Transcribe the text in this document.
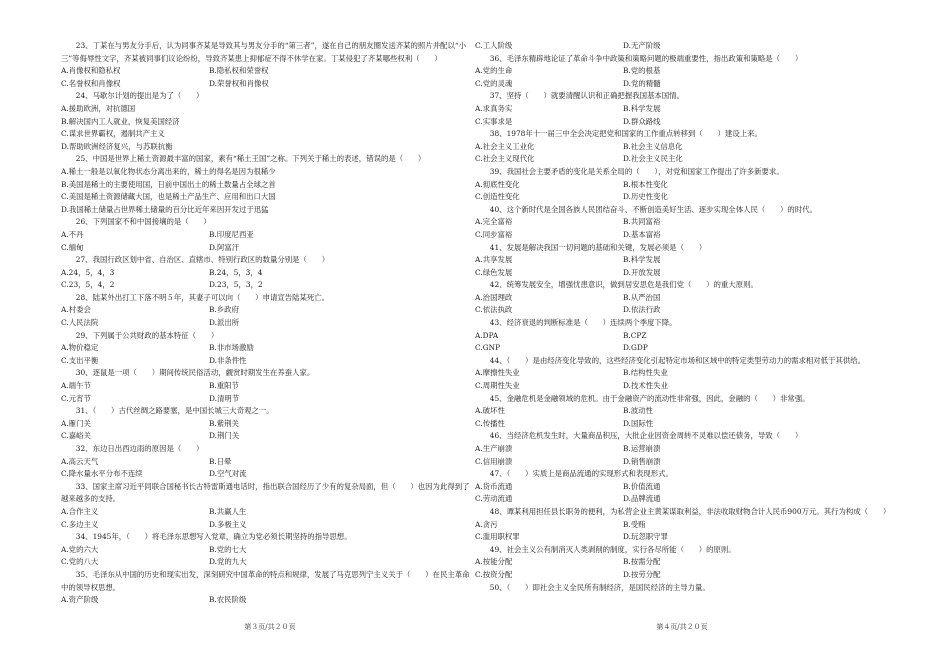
　　23、丁某在与男友分手后，认为同事齐某是导致其与男友分手的“第三者”，遂在自己的朋友圈发送齐某的照片并配以“小三”等侮辱性文字，齐某被同事们议论纷纷，导致齐某患上抑郁症不得不休学在家。丁某侵犯了齐某哪些权利（　　）
A.肖像权和隐私权	B.隐私权和荣誉权
C.名誉权和肖像权	D.荣誉权和肖像权
　　24、马歇尔计划的提出是为了（　　）
A.援助欧洲，对抗德国
B.解决国内工人就业，恢复美国经济
C.谋求世界霸权，遏制共产主义
D.帮助欧洲经济复兴，与苏联抗衡
　　25、中国是世界上稀土资源最丰富的国家，素有“稀土王国”之称。下列关于稀土的表述，错误的是（　　）
A.稀土一般是以氧化物状态分离出来的，稀土的得名是因为很稀少
B.美国是稀土的主要使用国，日前中国出土的稀土数量占全球之首
C.美国是稀土资源储藏大国，也是稀土产品生产、应用和出口大国
D.我国稀土储量占世界稀土储量的百分比近年来因开发过于迅猛
　　26、下列国家不和中国接壤的是（　　）
A.不丹	B.印度尼西亚
C.缅甸	D.阿富汗
　　27、我国行政区划中省、自治区、直辖市、特别行政区的数量分别是（　　）
A.24，5，4，3	B.24，5，3，4
C.23，5，4，2	D.23，5，3，2
　　28、陆某外出打工下落不明５年，其妻子可以向（　　）申请宣告陆某死亡。
A.村委会	B.乡政府
C.人民法院	D.派出所
　　29、下列属于公共财政的基本特征（　　）
A.物价稳定	B.非市场激励
C.支出平衡	D.非条件性
　　30、逐鼠是一项（　　）期间传统民俗活动，觑赏时期发生在养蚕人家。
A.端午节	B.重阳节
C.元宵节	D.清明节
　　31、（　　）古代丝绸之路要塞，是中国长城三大奇观之一。
A.雁门关	B.紫荆关
C.嘉峪关	D.荆门关
　　32、东边日出西边雨的原因是（　　）
A.高云天气	B.日晕
C.降水量水平分布不连续	D.空气对流
　　33、国家主席习近平同联合国秘书长古特雷斯通电话时，指出联合国经历了少有的复杂局面，但（　　）也因为此得到了越来越多的支持。
A.合作主义	B.共赢人生
C.多边主义	D.多极主义
　　34、1945年，（　　）将毛泽东思想写入党章，确立为党必须长期坚持的指导思想。
A.党的六大	B.党的七大
C.党的八大	D.党的九大
　　35、毛泽东从中国的历史和现实出发，深刻研究中国革命的特点和规律，发展了马克思列宁主义关于（　　）在民主革命中的领导权思想。
A.资产阶级	B.农民阶级
C.工人阶级	D.无产阶级
　　36、毛泽东精辟地论证了革命斗争中政策和策略问题的极端重要性，指出政策和策略是（　　）
A.党的生命	B.党的根基
C.党的灵魂	D.党的精髓
　　37、坚持（　　）就要清醒认识和正确把握我国基本国情。
A.求真务实	B.科学发展
C.实事求是	D.群众路线
　　38、1978年十一届三中全会决定把党和国家的工作重点转移到（　　）建设上来。
A.社会主义工业化	B.社会主义信息化
C.社会主义现代化	D.社会主义民主化
　　39、我国社会主要矛盾的变化是关系全局的（　　），对党和国家工作提出了许多新要求。
A.彻底性变化	B.根本性变化
C.创造性变化	D.历史性变化
　　40、这个新时代是全国各族人民团结奋斗、不断创造美好生活、逐步实现全体人民（　　）的时代。
A.完全富裕	B.共同富裕
C.同步富裕	D.基本富裕
　　41、发展是解决我国一切问题的基础和关键，发展必须是（　　）
A.共享发展	B.科学发展
C.绿色发展	D.开放发展
　　42、统筹发展安全，增强忧患意识，做到居安思危是我们党（　　）的重大原则。
A.治国理政	B.从严治国
C.依法执政	D.依法行政
　　43、经济衰退的判断标准是（　　）连续两个季度下降。
A.DPA	B.CPZ
C.GNP	D.GDP
　　44、（　　）是由经济变化导致的，这些经济变化引起特定市场和区域中的特定类型劳动力的需求相对低于其供给。
A.摩擦性失业	B.结构性失业
C.周期性失业	D.技术性失业
　　45、金融危机是金融领域的危机。由于金融资产的流动性非常强，因此，金融的（　　）非常强。
A.破坏性	B.波动性
C.传播性	D.国际性
　　46、当经济危机发生时，大量商品积压，大批企业因资金周转不灵难以偿还债务，导致（　　）
A.生产崩溃	B.运营崩溃
C.信用崩溃	D.销售崩溃
　　47、（　　）实质上是商品流通的实现形式和表现形式。
A.货币流通	B.价值流通
C.劳动流通	D.品牌流通
　　48、谭某利用担任县长职务的便利，为私营企业主黄某谋取利益，非法收取财物合计人民币900万元。其行为构成（　　）
A.贪污	B.受贿
C.滥用职权罪	D.玩忽职守罪
　　49、社会主义公有制消灭人类剥削的制度，实行各尽所能（　　）的原则。
A.按能分配	B.按需分配
C.按资分配	D.按劳分配
　　50、（　　）即社会主义全民所有制经济，是国民经济的主导力量。
第３页/共２０页	第４页/共２０页
